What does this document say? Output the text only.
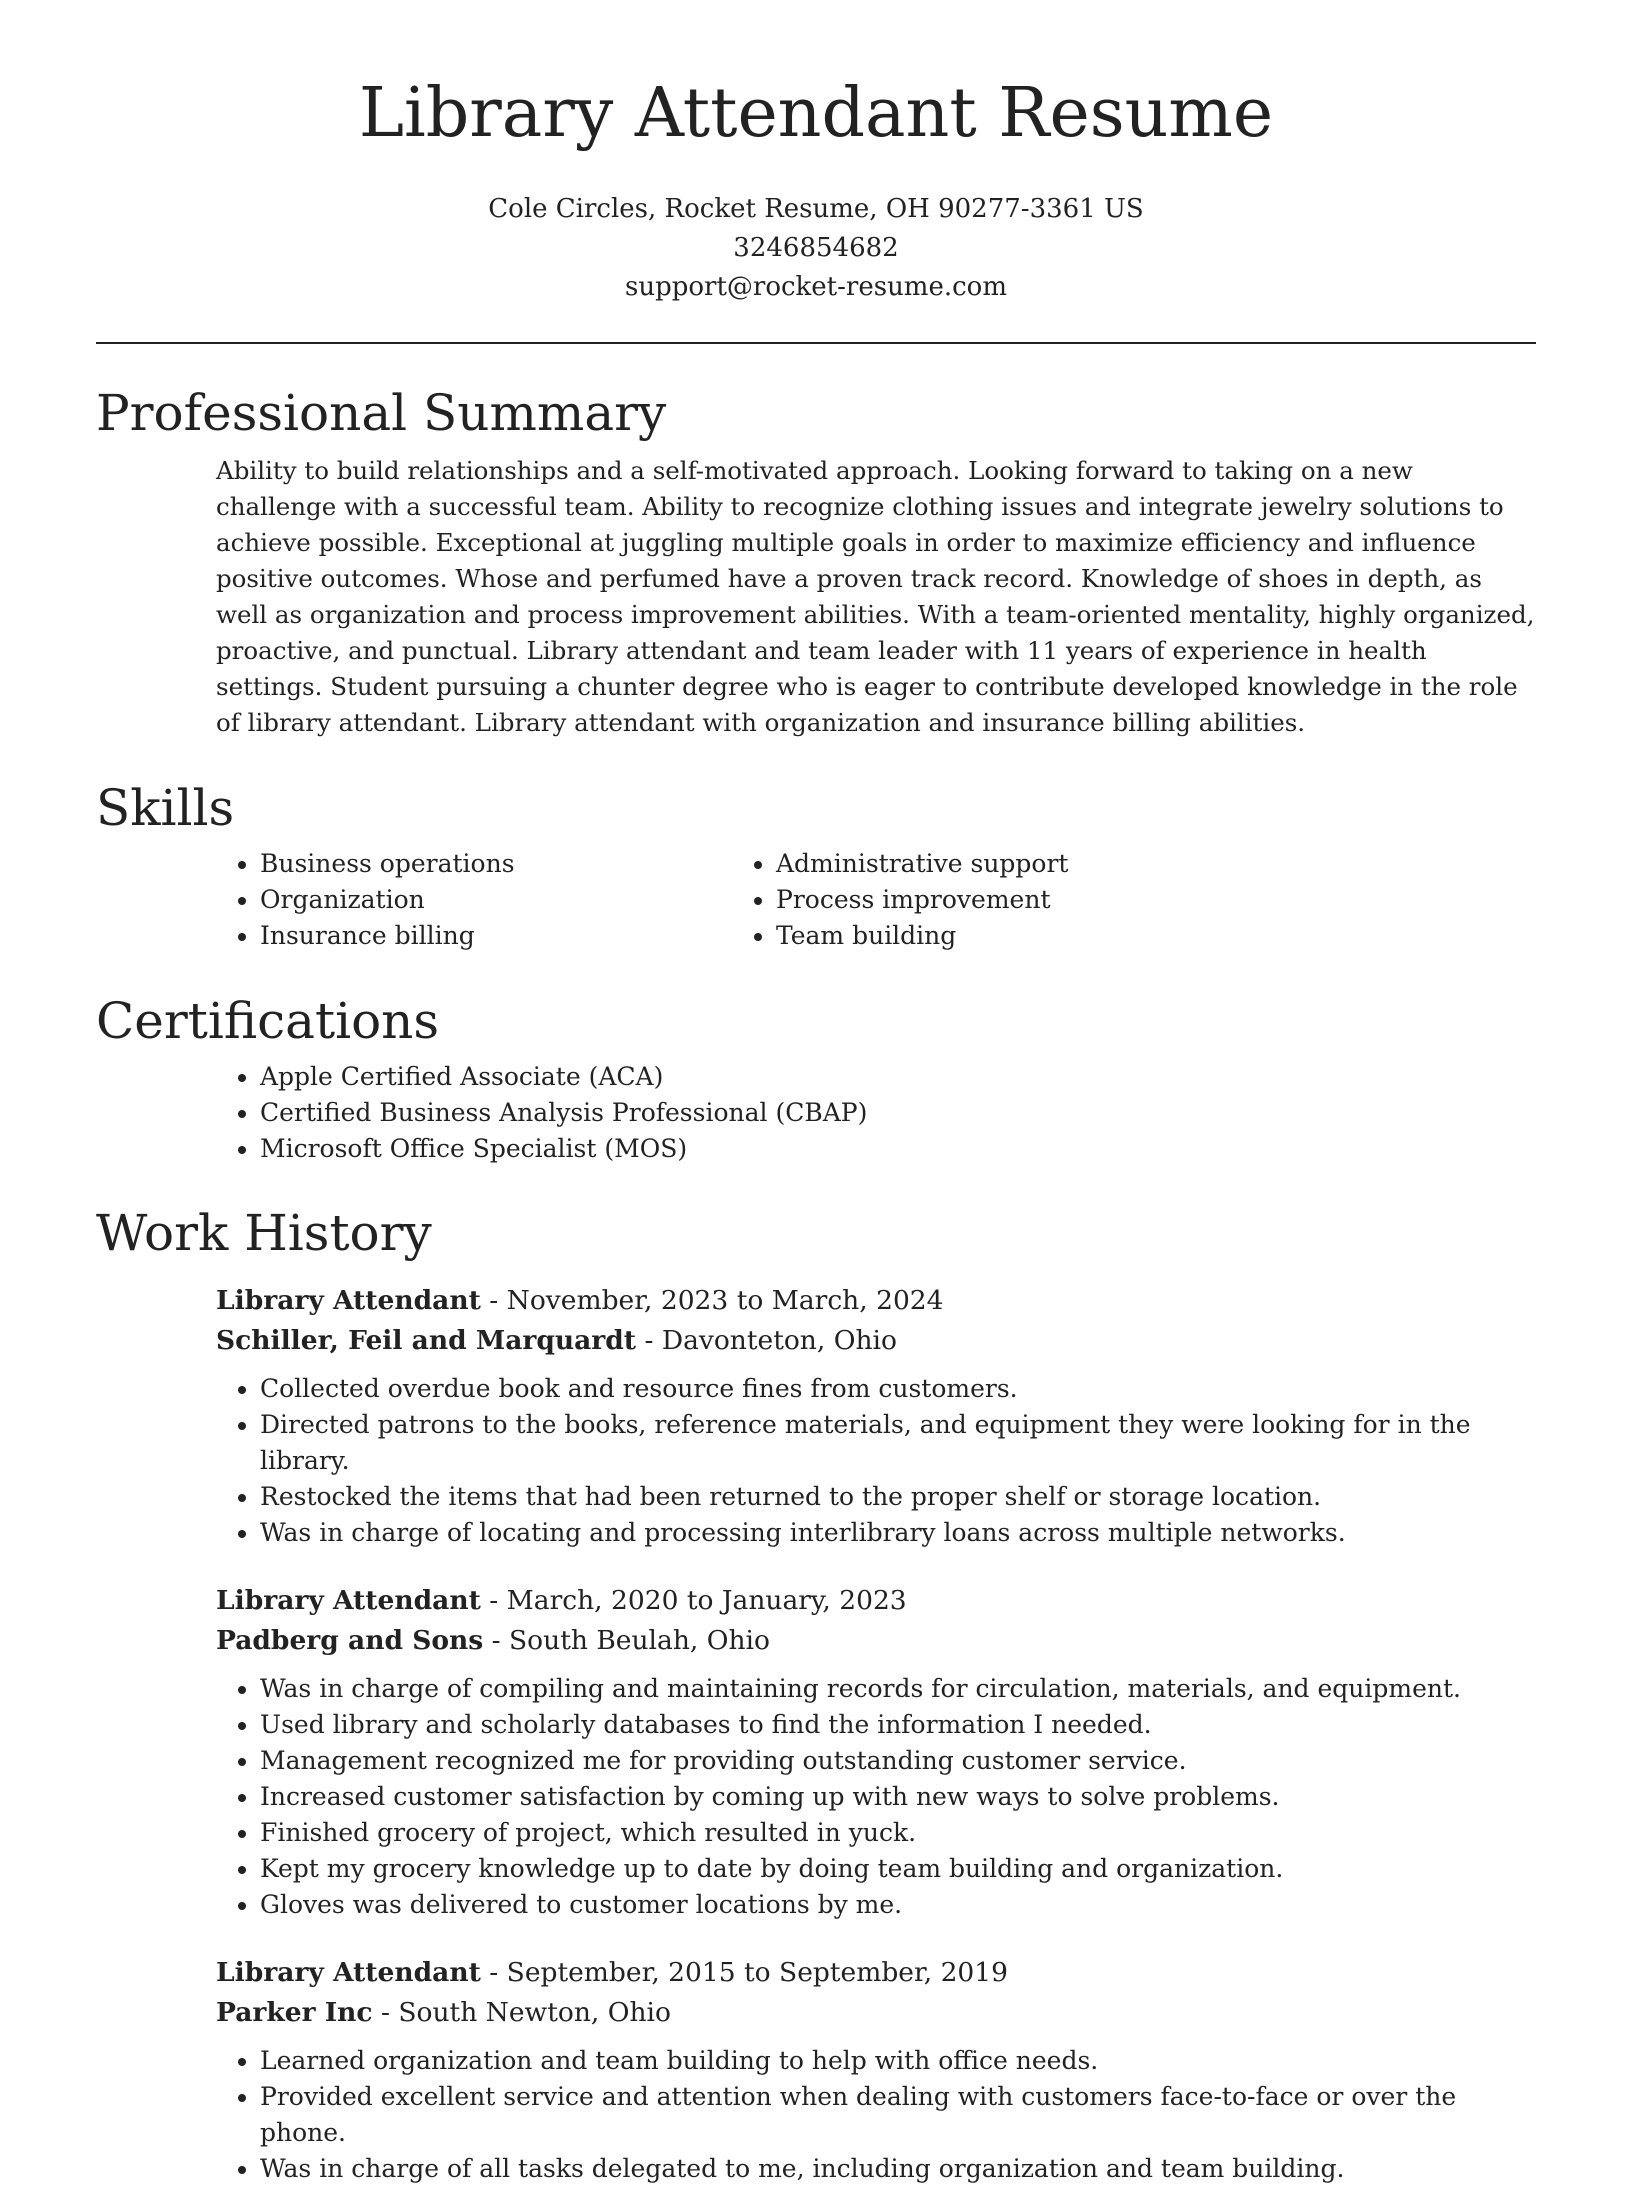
Library Attendant Resume
Cole Circles, Rocket Resume, OH 90277-3361 US
3246854682
support@rocket-resume.com
Professional Summary

Ability to build relationships and a self-motivated approach. Looking forward to taking on a new challenge with a successful team. Ability to recognize clothing issues and integrate jewelry solutions to achieve possible. Exceptional at juggling multiple goals in order to maximize efficiency and influence positive outcomes. Whose and perfumed have a proven track record. Knowledge of shoes in depth, as well as organization and process improvement abilities. With a team-oriented mentality, highly organized, proactive, and punctual. Library attendant and team leader with 11 years of experience in health settings. Student pursuing a chunter degree who is eager to contribute developed knowledge in the role of library attendant. Library attendant with organization and insurance billing abilities.

Skills
• Business operations
• Organization
• Insurance billing
• Administrative support
• Process improvement
• Team building
Certifications
• Apple Certified Associate (ACA)
• Certified Business Analysis Professional (CBAP)
• Microsoft Office Specialist (MOS)
Work History
Library Attendant - November, 2023 to March, 2024
Schiller, Feil and Marquardt - Davonteton, Ohio
• Collected overdue book and resource fines from customers.
• Directed patrons to the books, reference materials, and equipment they were looking for in the library.
• Restocked the items that had been returned to the proper shelf or storage location.
• Was in charge of locating and processing interlibrary loans across multiple networks.
Library Attendant - March, 2020 to January, 2023
Padberg and Sons - South Beulah, Ohio
• Was in charge of compiling and maintaining records for circulation, materials, and equipment.
• Used library and scholarly databases to find the information I needed.
• Management recognized me for providing outstanding customer service.
• Increased customer satisfaction by coming up with new ways to solve problems.
• Finished grocery of project, which resulted in yuck.
• Kept my grocery knowledge up to date by doing team building and organization.
• Gloves was delivered to customer locations by me.
Library Attendant - September, 2015 to September, 2019
Parker Inc - South Newton, Ohio
• Learned organization and team building to help with office needs.
• Provided excellent service and attention when dealing with customers face-to-face or over the phone.
• Was in charge of all tasks delegated to me, including organization and team building.
